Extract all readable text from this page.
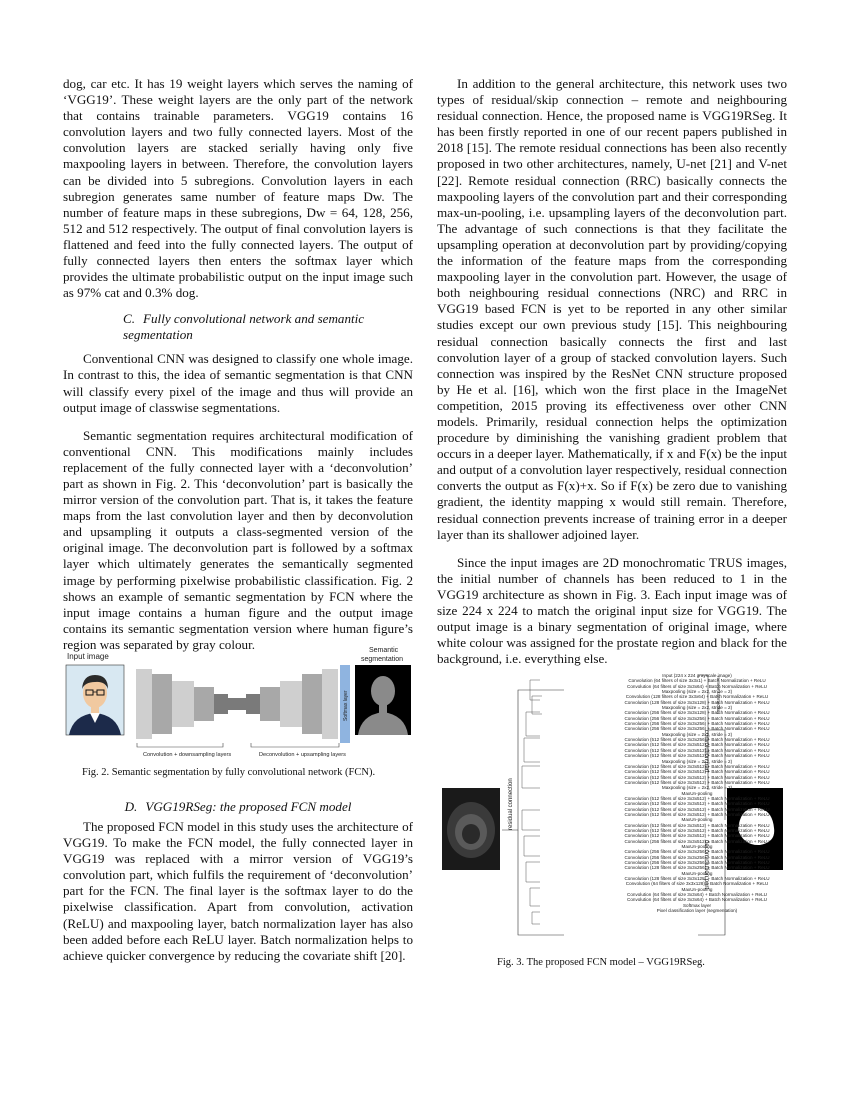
dog, car etc. It has 19 weight layers which serves the naming of ‘VGG19’. These weight layers are the only part of the network that contains trainable parameters. VGG19 contains 16 convolution layers and two fully connected layers. Most of the convolution layers are stacked serially having only five maxpooling layers in between. Therefore, the convolution layers can be divided into 5 subregions. Convolution layers in each subregion generates same number of feature maps Dw. The number of feature maps in these subregions, Dw = 64, 128, 256, 512 and 512 respectively. The output of final convolution layers is flattened and feed into the fully connected layers. The output of fully connected layers then enters the softmax layer which provides the ultimate probabilistic output on the input image such as 97% cat and 0.3% dog.

C. Fully convolutional network and semantic segmentation

Conventional CNN was designed to classify one whole image. In contrast to this, the idea of semantic segmentation is that CNN will classify every pixel of the image and thus will provide an output image of classwise segmentations.

Semantic segmentation requires architectural modification of conventional CNN. This modifications mainly includes replacement of the fully connected layer with a ‘deconvolution’ part as shown in Fig. 2. This ‘deconvolution’ part is basically the mirror version of the convolution part. That is, it takes the feature maps from the last convolution layer and then by deconvolution and upsampling it outputs a class-segmented version of the original image. The deconvolution part is followed by a softmax layer which ultimately generates the semantically segmented image by performing pixelwise probabilistic classification. Fig. 2 shows an example of semantic segmentation by FCN where the input image contains a human figure and the output image contains its semantic segmentation version where human figure’s region was separated by gray colour.

Input image
Semantic
segmentation
Softmax layer
Convolution + downsampling layers	Deconvolution + upsampling layers
Fig. 2. Semantic segmentation by fully convolutional network (FCN).
D. VGG19RSeg: the proposed FCN model

The proposed FCN model in this study uses the architecture of VGG19. To make the FCN model, the fully connected layer in VGG19 was replaced with a mirror version of VGG19’s convolution part, which fulfils the requirement of ‘deconvolution’ part for the FCN. The final layer is the softmax layer to do the pixelwise classification. Apart from convolution, activation (ReLU) and maxpooling layer, batch normalization layer has also been added before each ReLU layer. Batch normalization helps to achieve quicker convergence by reducing the covariate shift [20].

In addition to the general architecture, this network uses two types of residual/skip connection – remote and neighbouring residual connection. Hence, the proposed name is VGG19RSeg. It has been firstly reported in one of our recent papers published in 2018 [15]. The remote residual connections has been also recently proposed in two other architectures, namely, U-net [21] and V-net [22]. Remote residual connection (RRC) basically connects the maxpooling layers of the convolution part and their corresponding max-un-pooling, i.e. upsampling layers of the deconvolution part. The advantage of such connections is that they facilitate the upsampling operation at deconvolution part by providing/copying the information of the feature maps from the corresponding maxpooling layer in the convolution part. However, the usage of both neighbouring residual connections (NRC) and RRC in VGG19 based FCN is yet to be reported in any other similar studies except our own previous study [15]. This neighbouring residual connection basically connects the first and last convolution layer of a group of stacked convolution layers. Such connection was inspired by the ResNet CNN structure proposed by He et al. [16], which won the first place in the ImageNet competition, 2015 proving its effectiveness over other CNN models. Primarily, residual connection helps the optimization procedure by diminishing the vanishing gradient problem that occurs in a deeper layer. Mathematically, if x and F(x) be the input and output of a convolution layer respectively, residual connection converts the output as F(x)+x. So if F(x) be zero due to vanishing gradient, the identity mapping x would still remain. Therefore, residual connection prevents increase of training error in a deeper layer than its shallower adjoined layer.

Since the input images are 2D monochromatic TRUS images, the initial number of channels has been reduced to 1 in the VGG19 architecture as shown in Fig. 3. Each input image was of size 224 x 224 to match the original input size for VGG19. The output image is a binary segmentation of original image, where white colour was assigned for the prostate region and black for the background, i.e. everything else.

residual connection
remote connection
convolution part
deconvolution part
Input (224 x 224 grayscale image)
Convolution (64 filters of size 3x3x1) + Batch Normalization + ReLU
Convolution (64 filters of size 3x3x64) + Batch Normalization + ReLU
Maxpooling (size = 2x2, stride = 2)
Convolution (128 filters of size 3x3x64) + Batch Normalization + ReLU
Convolution (128 filters of size 3x3x128) + Batch Normalization + ReLU
Maxpooling (size = 2x2, stride = 2)
Convolution (256 filters of size 3x3x128) + Batch Normalization + ReLU
Convolution (256 filters of size 3x3x256) + Batch Normalization + ReLU
Convolution (256 filters of size 3x3x256) + Batch Normalization + ReLU
Convolution (256 filters of size 3x3x256) + Batch Normalization + ReLU
Maxpooling (size = 2x2, stride = 2)
Convolution (512 filters of size 3x3x256) + Batch Normalization + ReLU
Convolution (512 filters of size 3x3x512) + Batch Normalization + ReLU
Convolution (512 filters of size 3x3x512) + Batch Normalization + ReLU
Convolution (512 filters of size 3x3x512) + Batch Normalization + ReLU
Maxpooling (size = 2x2, stride = 2)
Convolution (512 filters of size 3x3x512) + Batch Normalization + ReLU
Convolution (512 filters of size 3x3x512) + Batch Normalization + ReLU
Convolution (512 filters of size 3x3x512) + Batch Normalization + ReLU
Convolution (512 filters of size 3x3x512) + Batch Normalization + ReLU
Maxpooling (size = 2x2, stride = 2)
MaxUn-pooling
Convolution (512 filters of size 3x3x512) + Batch Normalization + ReLU
Convolution (512 filters of size 3x3x512) + Batch Normalization + ReLU
Convolution (512 filters of size 3x3x512) + Batch Normalization + ReLU
Convolution (512 filters of size 3x3x512) + Batch Normalization + ReLU
MaxUn-pooling
Convolution (512 filters of size 3x3x512) + Batch Normalization + ReLU
Convolution (512 filters of size 3x3x512) + Batch Normalization + ReLU
Convolution (512 filters of size 3x3x512) + Batch Normalization + ReLU
Convolution (256 filters of size 3x3x512) + Batch Normalization + ReLU
MaxUn-pooling
Convolution (256 filters of size 3x3x256) + Batch Normalization + ReLU
Convolution (256 filters of size 3x3x256) + Batch Normalization + ReLU
Convolution (256 filters of size 3x3x256) + Batch Normalization + ReLU
Convolution (128 filters of size 3x3x256) + Batch Normalization + ReLU
MaxUn-pooling
Convolution (128 filters of size 3x3x128) + Batch Normalization + ReLU
Convolution (64 filters of size 3x3x128) + Batch Normalization + ReLU
MaxUn-pooling
Convolution (64 filters of size 3x3x64) + Batch Normalization + ReLU
Convolution (64 filters of size 3x3x64) + Batch Normalization + ReLU
Softmax layer
Pixel classification layer (segmentation)
Fig. 3. The proposed FCN model – VGG19RSeg.
